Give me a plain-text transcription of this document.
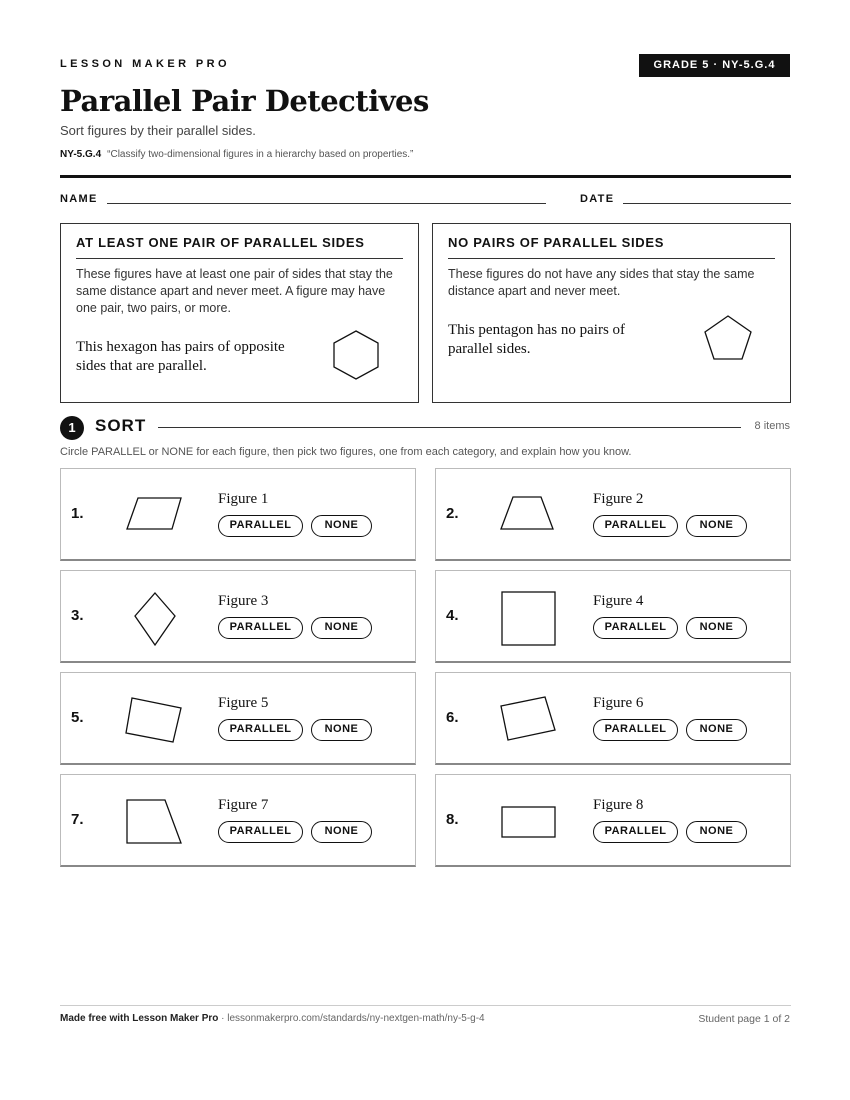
LESSON MAKER PRO	GRADE 5 · NY-5.G.4
Parallel Pair Detectives
Sort figures by their parallel sides.
NY-5.G.4 “Classify two-dimensional figures in a hierarchy based on properties.”
NAME	DATE
AT LEAST ONE PAIR OF PARALLEL SIDES
These figures have at least one pair of sides that stay the same distance apart and never meet. A figure may have one pair, two pairs, or more.
This hexagon has pairs of opposite sides that are parallel.
NO PAIRS OF PARALLEL SIDES
These figures do not have any sides that stay the same distance apart and never meet.
This pentagon has no pairs of parallel sides.
1	SORT	8 items
Circle PARALLEL or NONE for each figure, then pick two figures, one from each category, and explain how you know.
1.
Figure 1
PARALLEL	NONE
2.
Figure 2
PARALLEL	NONE
3.
Figure 3
PARALLEL	NONE
4.
Figure 4
PARALLEL	NONE
5.
Figure 5
PARALLEL	NONE
6.
Figure 6
PARALLEL	NONE
7.
Figure 7
PARALLEL	NONE
8.
Figure 8
PARALLEL	NONE
Made free with Lesson Maker Pro · lessonmakerpro.com/standards/ny-nextgen-math/ny-5-g-4	Student page 1 of 2
